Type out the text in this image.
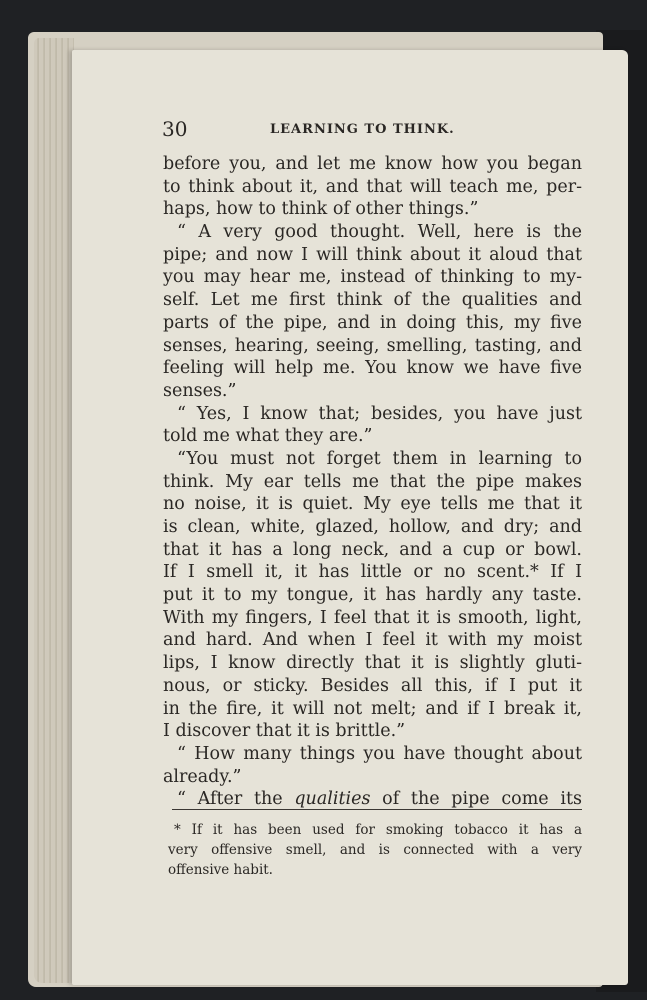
30	LEARNING TO THINK.
before you, and let me know how you began
to think about it, and that will teach me, per-
haps, how to think of other things.”
“ A very good thought. Well, here is the
pipe; and now I will think about it aloud that
you may hear me, instead of thinking to my-
self. Let me first think of the qualities and
parts of the pipe, and in doing this, my five
senses, hearing, seeing, smelling, tasting, and
feeling will help me. You know we have five
senses.”
“ Yes, I know that; besides, you have just
told me what they are.”
“You must not forget them in learning to
think. My ear tells me that the pipe makes
no noise, it is quiet. My eye tells me that it
is clean, white, glazed, hollow, and dry; and
that it has a long neck, and a cup or bowl.
If I smell it, it has little or no scent.* If I
put it to my tongue, it has hardly any taste.
With my fingers, I feel that it is smooth, light,
and hard. And when I feel it with my moist
lips, I know directly that it is slightly gluti-
nous, or sticky. Besides all this, if I put it
in the fire, it will not melt; and if I break it,
I discover that it is brittle.”
“ How many things you have thought about
already.”
“ After the qualities of the pipe come its
* If it has been used for smoking tobacco it has a
very offensive smell, and is connected with a very
offensive habit.
